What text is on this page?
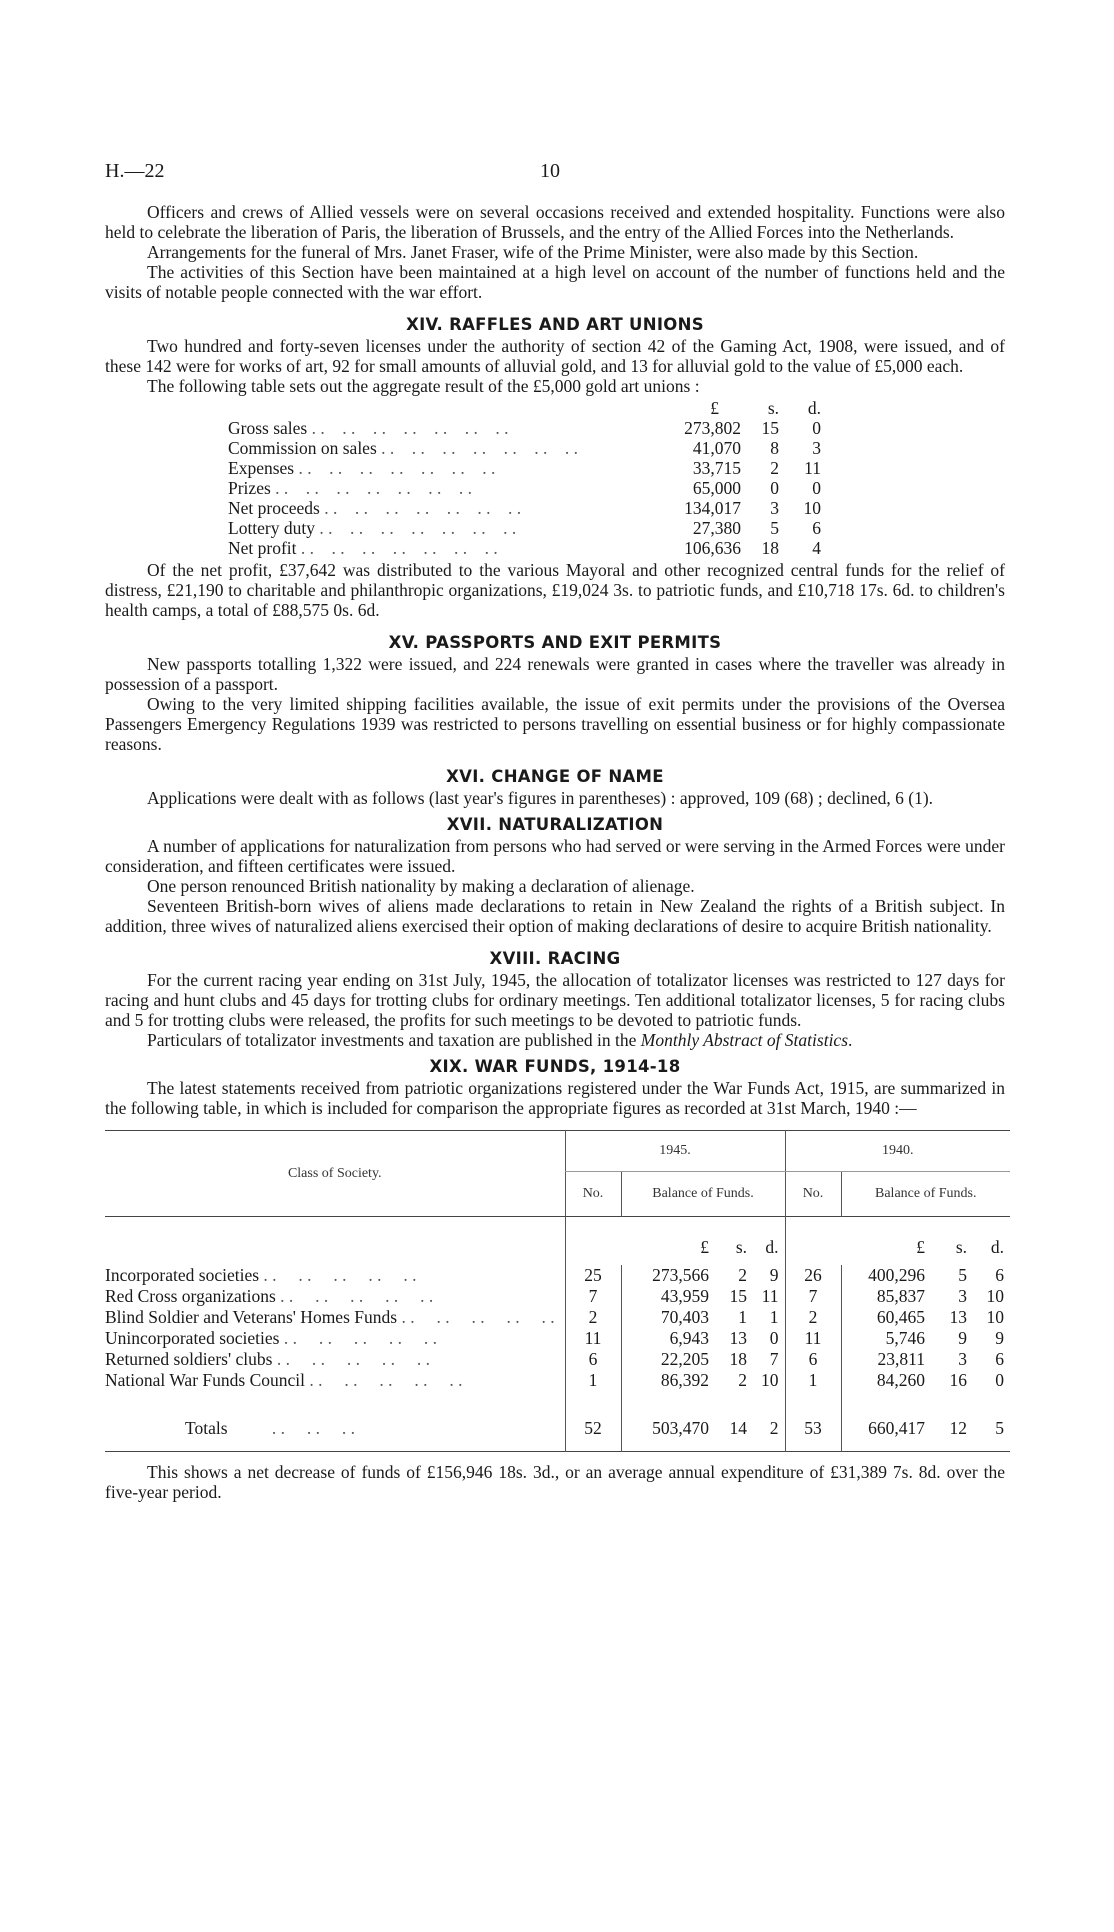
H.—22	10

Officers and crews of Allied vessels were on several occasions received and extended hospitality. Functions were also held to celebrate the liberation of Paris, the liberation of Brussels, and the entry of the Allied Forces into the Netherlands.

Arrangements for the funeral of Mrs. Janet Fraser, wife of the Prime Minister, were also made by this Section.

The activities of this Section have been maintained at a high level on account of the number of functions held and the visits of notable people connected with the war effort.

XIV. RAFFLES AND ART UNIONS

Two hundred and forty-seven licenses under the authority of section 42 of the Gaming Act, 1908, were issued, and of these 142 were for works of art, 92 for small amounts of alluvial gold, and 13 for alluvial gold to the value of £5,000 each.

The following table sets out the aggregate result of the £5,000 gold art unions :

£	s.	d.
Gross sales . .    . .    . .    . .    . .    . .    . .	273,802	15	0
Commission on sales . .    . .    . .    . .    . .    . .    . .	41,070	8	3
Expenses . .    . .    . .    . .    . .    . .    . .	33,715	2	11
Prizes . .    . .    . .    . .    . .    . .    . .	65,000	0	0
Net proceeds . .    . .    . .    . .    . .    . .    . .	134,017	3	10
Lottery duty . .    . .    . .    . .    . .    . .    . .	27,380	5	6
Net profit . .    . .    . .    . .    . .    . .    . .	106,636	18	4

Of the net profit, £37,642 was distributed to the various Mayoral and other recognized central funds for the relief of distress, £21,190 to charitable and philanthropic organizations, £19,024 3s. to patriotic funds, and £10,718 17s. 6d. to children's health camps, a total of £88,575 0s. 6d.

XV. PASSPORTS AND EXIT PERMITS

New passports totalling 1,322 were issued, and 224 renewals were granted in cases where the traveller was already in possession of a passport.

Owing to the very limited shipping facilities available, the issue of exit permits under the provisions of the Oversea Passengers Emergency Regulations 1939 was restricted to persons travelling on essential business or for highly compassionate reasons.

XVI. CHANGE OF NAME

Applications were dealt with as follows (last year's figures in parentheses) : approved, 109 (68) ; declined, 6 (1).

XVII. NATURALIZATION

A number of applications for naturalization from persons who had served or were serving in the Armed Forces were under consideration, and fifteen certificates were issued.

One person renounced British nationality by making a declaration of alienage.

Seventeen British-born wives of aliens made declarations to retain in New Zealand the rights of a British subject. In addition, three wives of naturalized aliens exercised their option of making declarations of desire to acquire British nationality.

XVIII. RACING

For the current racing year ending on 31st July, 1945, the allocation of totalizator licenses was restricted to 127 days for racing and hunt clubs and 45 days for trotting clubs for ordinary meetings. Ten additional totalizator licenses, 5 for racing clubs and 5 for trotting clubs were released, the profits for such meetings to be devoted to patriotic funds.

Particulars of totalizator investments and taxation are published in the Monthly Abstract of Statistics.

XIX. WAR FUNDS, 1914-18

The latest statements received from patriotic organizations registered under the War Funds Act, 1915, are summarized in the following table, in which is included for comparison the appropriate figures as recorded at 31st March, 1940 :—

Class of Society.	1945.				1940.			
	No.	Balance of Funds.			No.	Balance of Funds.		
		£	s.	d.		£	s.	d.
Incorporated societies . .     . .     . .     . .     . .	25	273,566	2	9	26	400,296	5	6
Red Cross organizations . .     . .     . .     . .     . .	7	43,959	15	11	7	85,837	3	10
Blind Soldier and Veterans' Homes Funds . .     . .     . .     . .     . .	2	70,403	1	1	2	60,465	13	10
Unincorporated societies . .     . .     . .     . .     . .	11	6,943	13	0	11	5,746	9	9
Returned soldiers' clubs . .     . .     . .     . .     . .	6	22,205	18	7	6	23,811	3	6
National War Funds Council . .     . .     . .     . .     . .	1	86,392	2	10	1	84,260	16	0

Totals . .     . .     . .	52	503,470	14	2	53	660,417	12	5

This shows a net decrease of funds of £156,946 18s. 3d., or an average annual expenditure of £31,389 7s. 8d. over the five-year period.
